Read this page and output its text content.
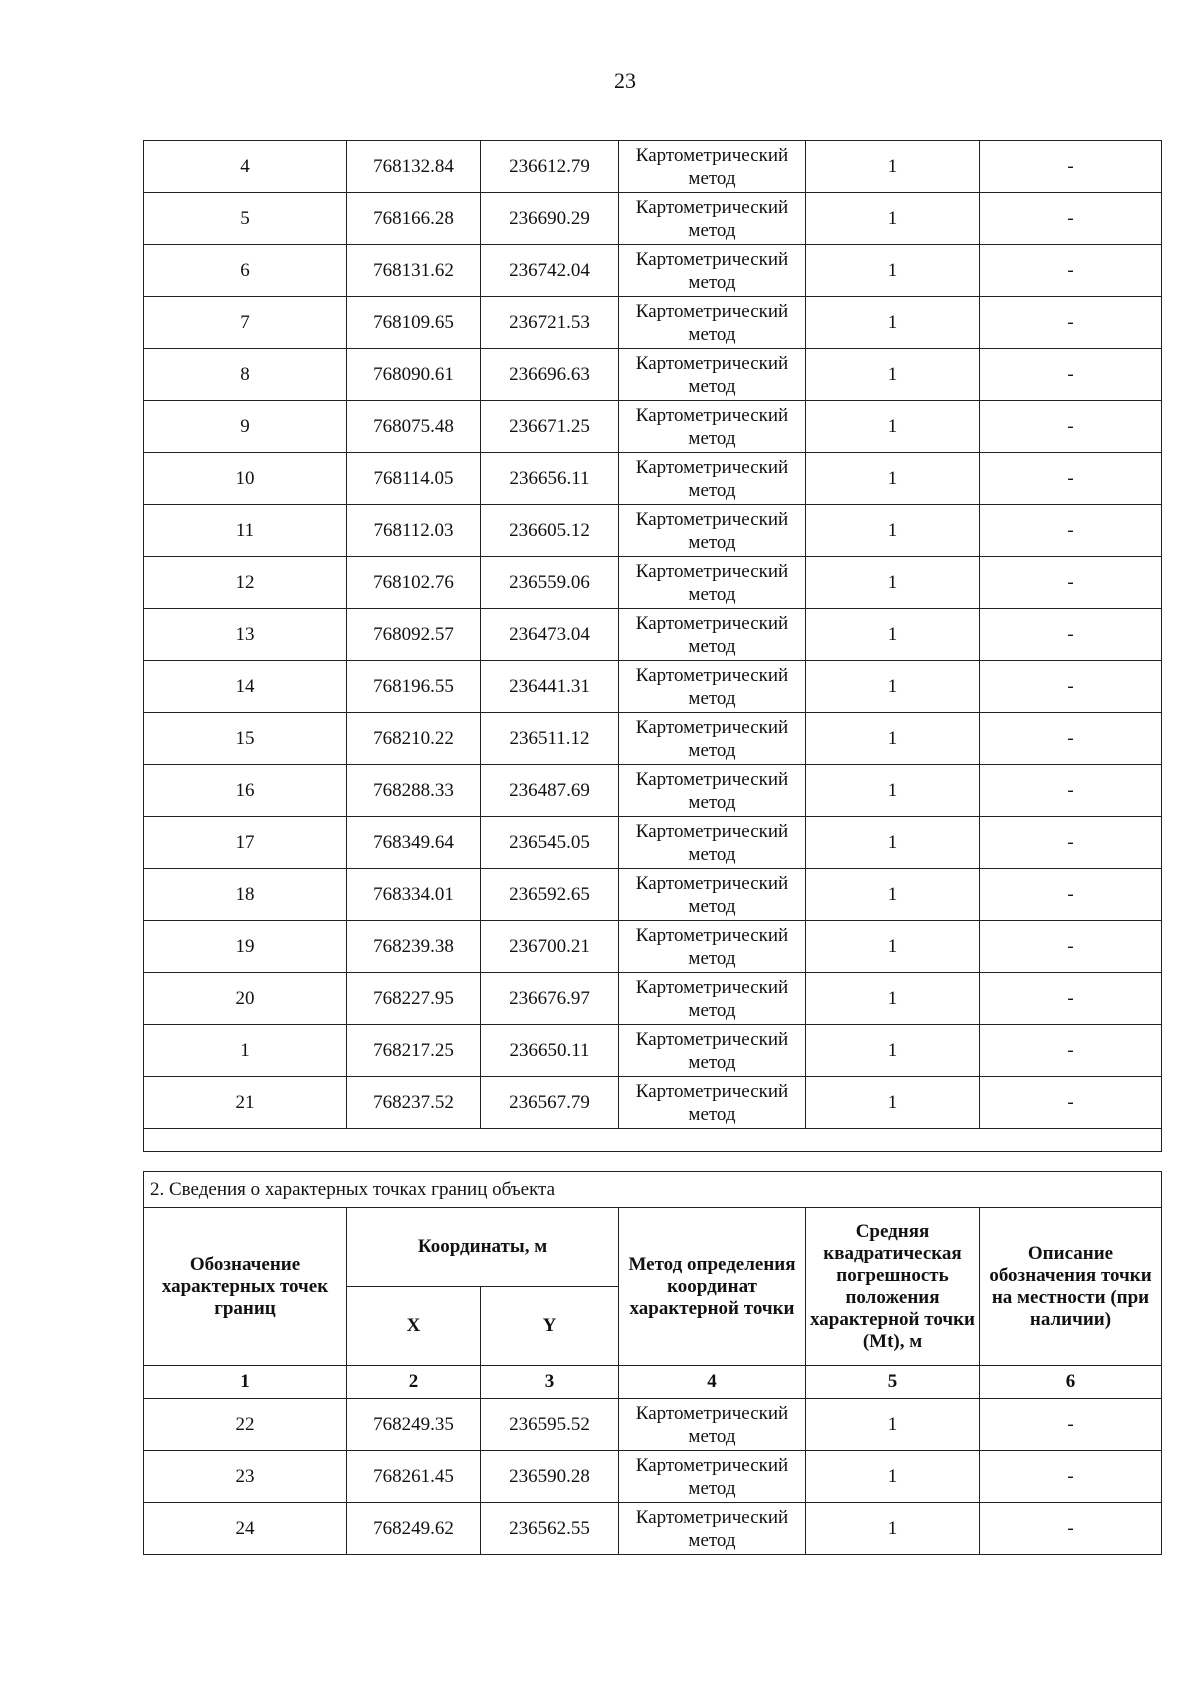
23
4	768132.84	236612.79	Картометрический метод	1	-
5	768166.28	236690.29	Картометрический метод	1	-
6	768131.62	236742.04	Картометрический метод	1	-
7	768109.65	236721.53	Картометрический метод	1	-
8	768090.61	236696.63	Картометрический метод	1	-
9	768075.48	236671.25	Картометрический метод	1	-
10	768114.05	236656.11	Картометрический метод	1	-
11	768112.03	236605.12	Картометрический метод	1	-
12	768102.76	236559.06	Картометрический метод	1	-
13	768092.57	236473.04	Картометрический метод	1	-
14	768196.55	236441.31	Картометрический метод	1	-
15	768210.22	236511.12	Картометрический метод	1	-
16	768288.33	236487.69	Картометрический метод	1	-
17	768349.64	236545.05	Картометрический метод	1	-
18	768334.01	236592.65	Картометрический метод	1	-
19	768239.38	236700.21	Картометрический метод	1	-
20	768227.95	236676.97	Картометрический метод	1	-
1	768217.25	236650.11	Картометрический метод	1	-
21	768237.52	236567.79	Картометрический метод	1	-

2. Сведения о характерных точках границ объекта					
Обозначение характерных точек границ	Координаты, м		Метод определения координат характерной точки	Средняя квадратическая погрешность положения характерной точки (Mt), м	Описание обозначения точки на местности (при наличии)
	X	Y			
1	2	3	4	5	6
22	768249.35	236595.52	Картометрический метод	1	-
23	768261.45	236590.28	Картометрический метод	1	-
24	768249.62	236562.55	Картометрический метод	1	-
